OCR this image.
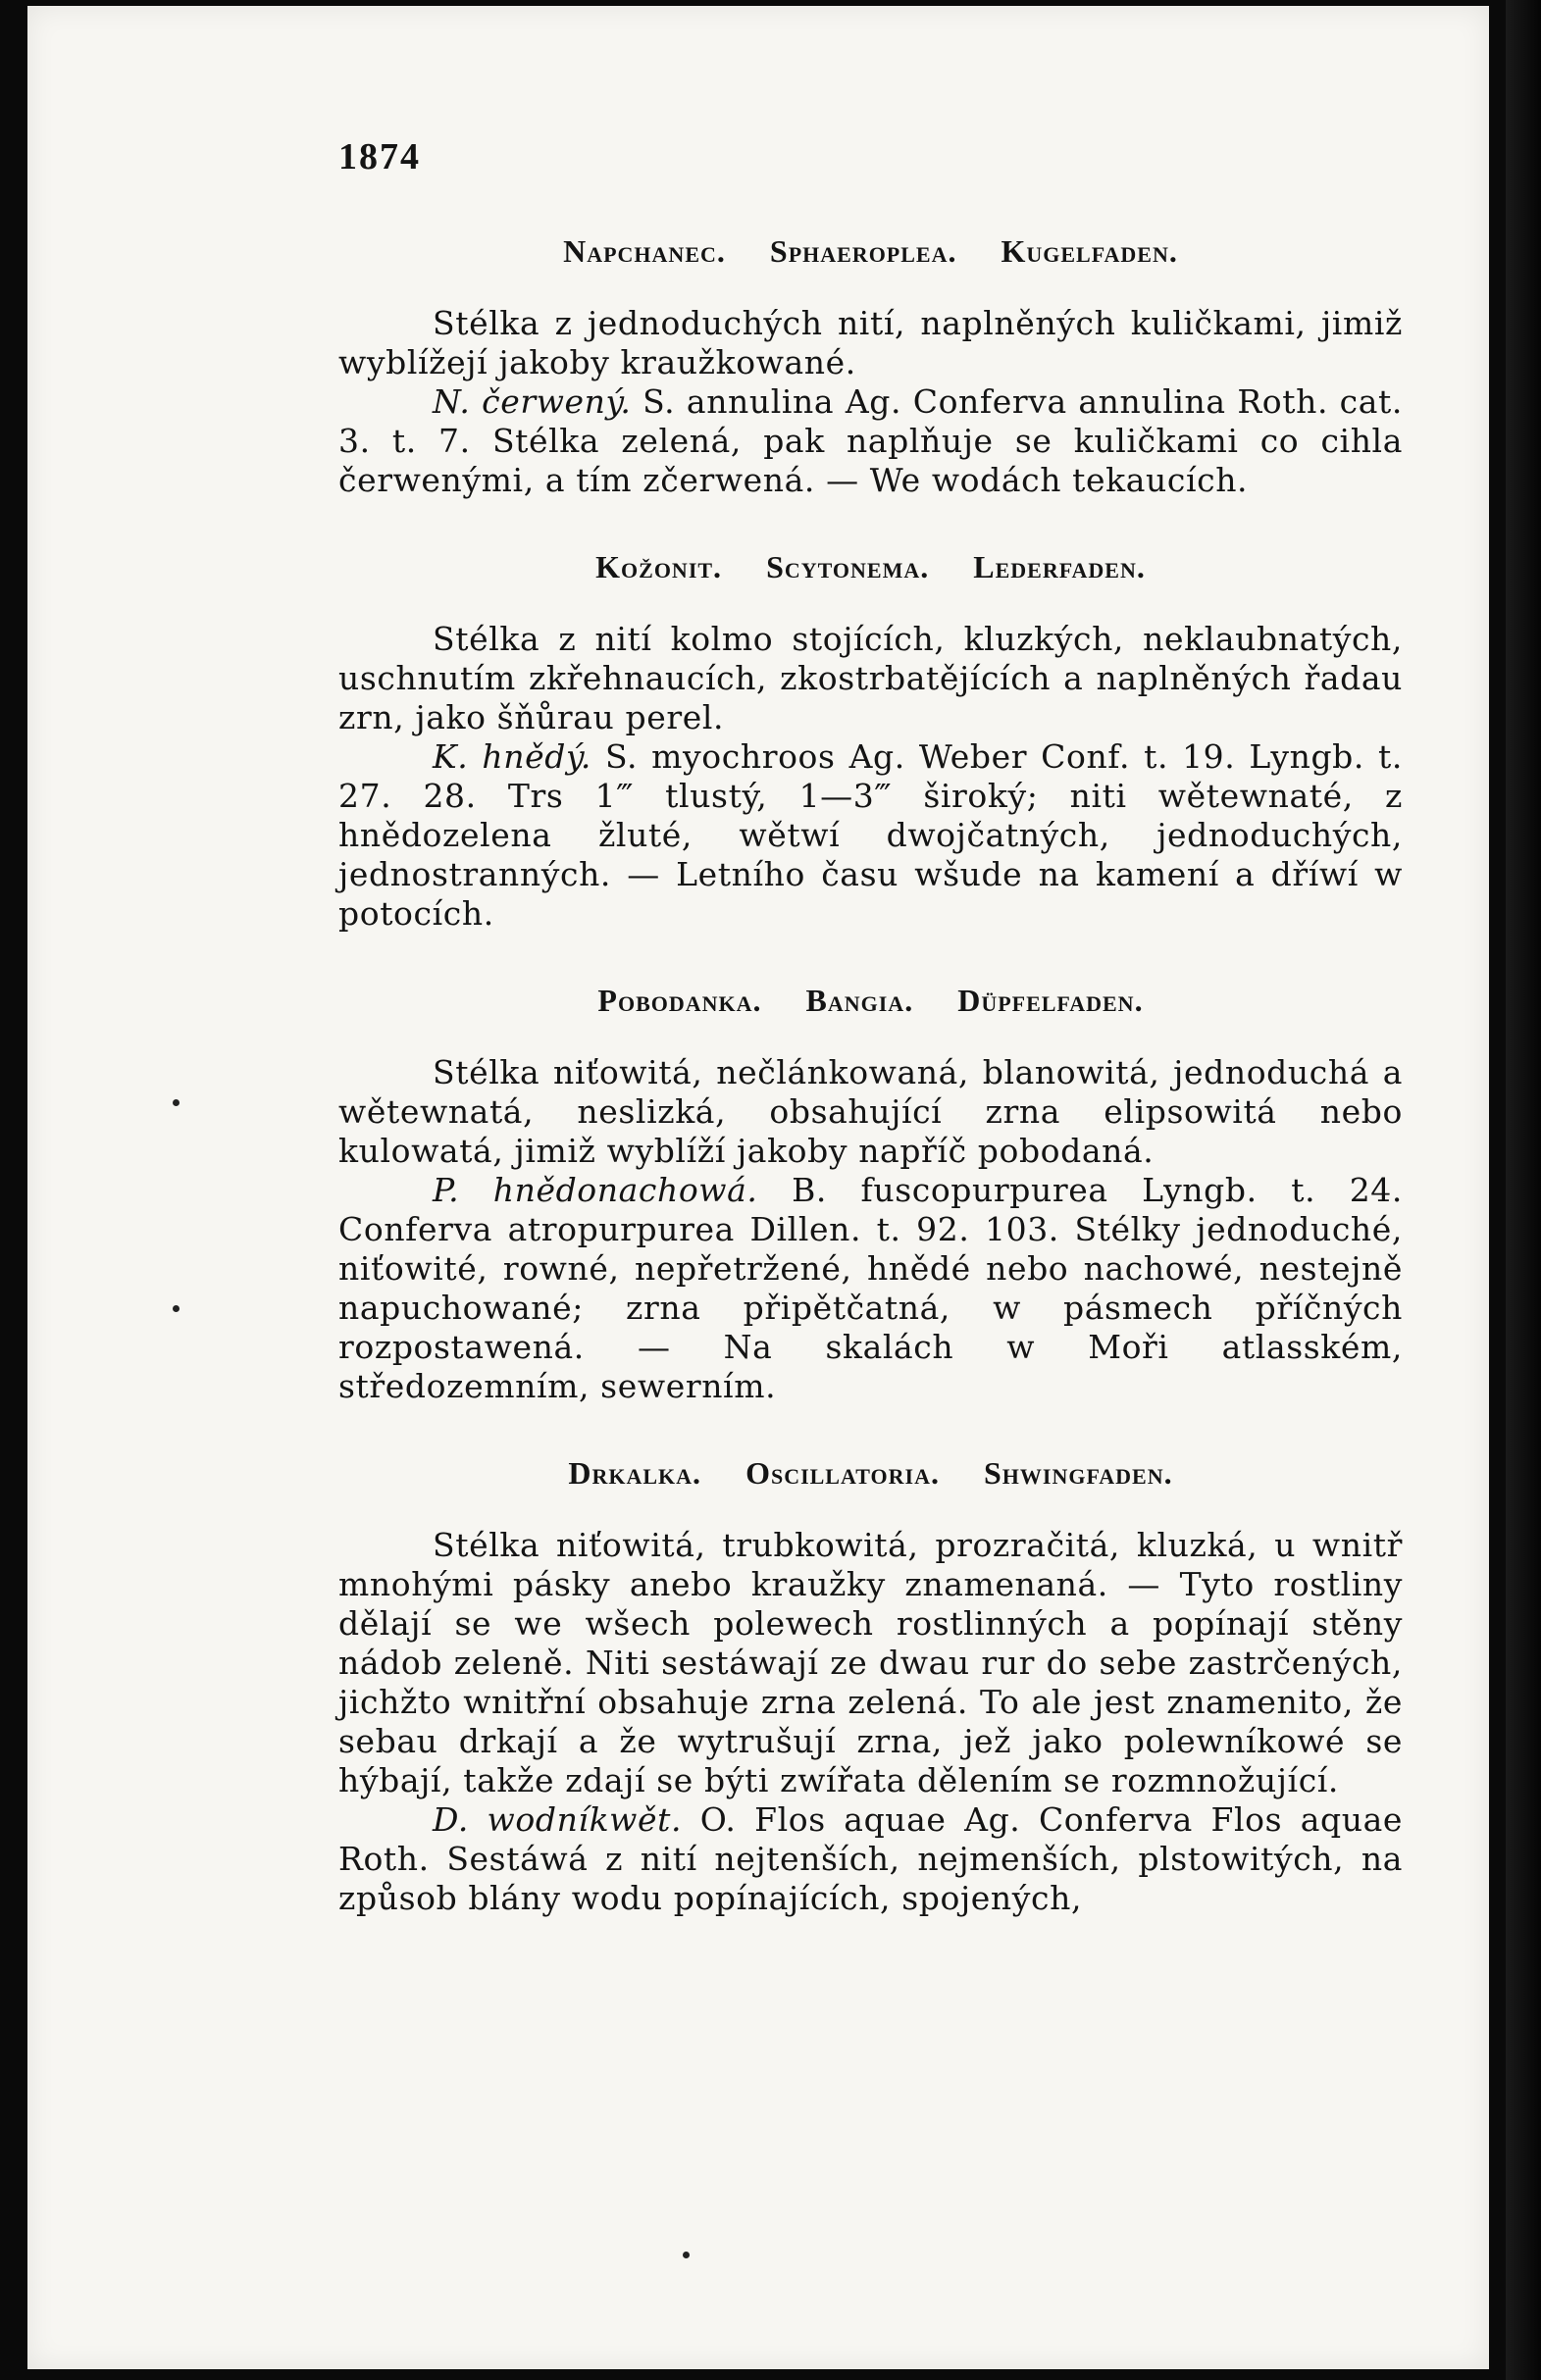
1874
Napchanec. Sphaeroplea. Kugelfaden.

Stélka z jednoduchých nití, naplněných kuličkami, jimiž wyblížejí jakoby kraužkowané.

N. čerwený. S. annulina Ag. Conferva annulina Roth. cat. 3. t. 7. Stélka zelená, pak naplňuje se kuličkami co cihla čerwenými, a tím zčerwená. — We wodách tekaucích.

Kožonit. Scytonema. Lederfaden.

Stélka z nití kolmo stojících, kluzkých, neklaubnatých, uschnutím zkřehnaucích, zkostrbatějících a naplněných řadau zrn, jako šňůrau perel.

K. hnědý. S. myochroos Ag. Weber Conf. t. 19. Lyngb. t. 27. 28. Trs 1‴ tlustý, 1—3‴ široký; niti wětewnaté, z hnědozelena žluté, wětwí dwojčatných, jednoduchých, jednostranných. — Letního času wšude na kamení a dříwí w potocích.

Pobodanka. Bangia. Düpfelfaden.

Stélka niťowitá, nečlánkowaná, blanowitá, jednoduchá a wětewnatá, neslizká, obsahující zrna elipsowitá nebo kulowatá, jimiž wyblíží jakoby napříč pobodaná.

P. hnědonachowá. B. fuscopurpurea Lyngb. t. 24. Conferva atropurpurea Dillen. t. 92. 103. Stélky jednoduché, niťowité, rowné, nepřetržené, hnědé nebo nachowé, nestejně napuchowané; zrna připětčatná, w pásmech příčných rozpostawená. — Na skalách w Moři atlasském, středozemním, sewerním.

Drkalka. Oscillatoria. Shwingfaden.

Stélka niťowitá, trubkowitá, prozračitá, kluzká, u wnitř mnohými pásky anebo kraužky znamenaná. — Tyto rostliny dělají se we wšech polewech rostlinných a popínají stěny nádob zeleně. Niti sestáwají ze dwau rur do sebe zastrčených, jichžto wnitřní obsahuje zrna zelená. To ale jest znamenito, že sebau drkají a že wytrušují zrna, jež jako polewníkowé se hýbají, takže zdají se býti zwířata dělením se rozmnožující.

D. wodníkwět. O. Flos aquae Ag. Conferva Flos aquae Roth. Sestáwá z nití nejtenších, nejmenších, plstowitých, na způsob blány wodu popínajících, spojených,
